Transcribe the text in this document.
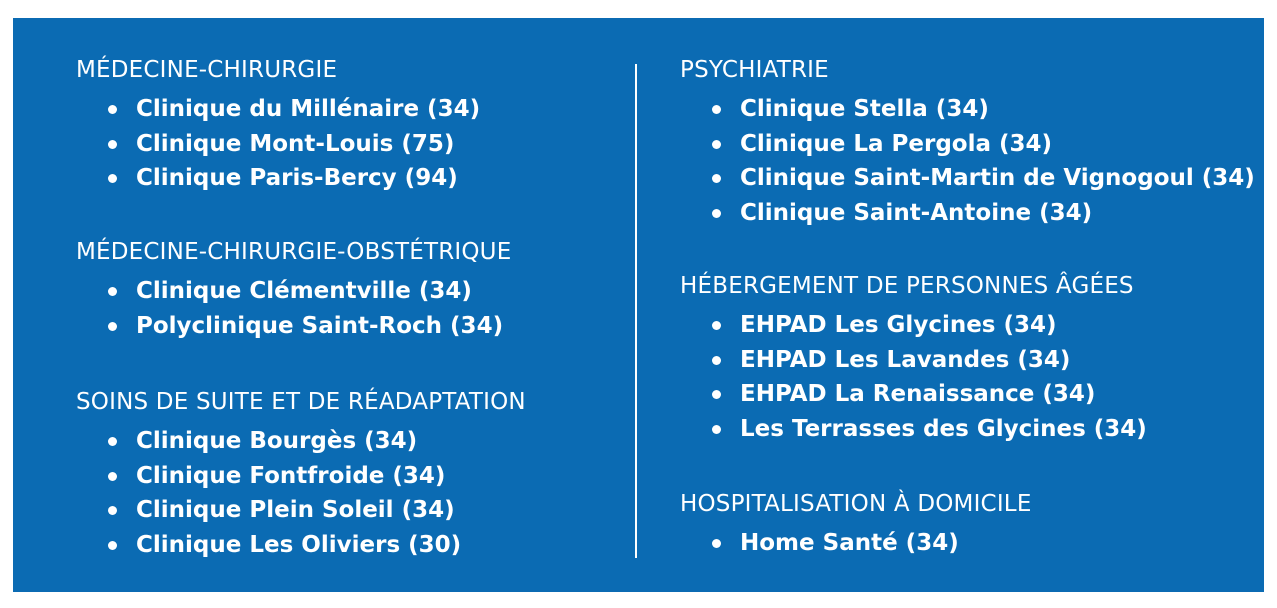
MÉDECINE-CHIRURGIE
Clinique du Millénaire (34)
Clinique Mont-Louis (75)
Clinique Paris-Bercy (94)
MÉDECINE-CHIRURGIE-OBSTÉTRIQUE
Clinique Clémentville (34)
Polyclinique Saint-Roch (34)
SOINS DE SUITE ET DE RÉADAPTATION
Clinique Bourgès (34)
Clinique Fontfroide (34)
Clinique Plein Soleil (34)
Clinique Les Oliviers (30)
PSYCHIATRIE
Clinique Stella (34)
Clinique La Pergola (34)
Clinique Saint-Martin de Vignogoul (34)
Clinique Saint-Antoine (34)
HÉBERGEMENT DE PERSONNES ÂGÉES
EHPAD Les Glycines (34)
EHPAD Les Lavandes (34)
EHPAD La Renaissance (34)
Les Terrasses des Glycines (34)
HOSPITALISATION À DOMICILE
Home Santé (34)
